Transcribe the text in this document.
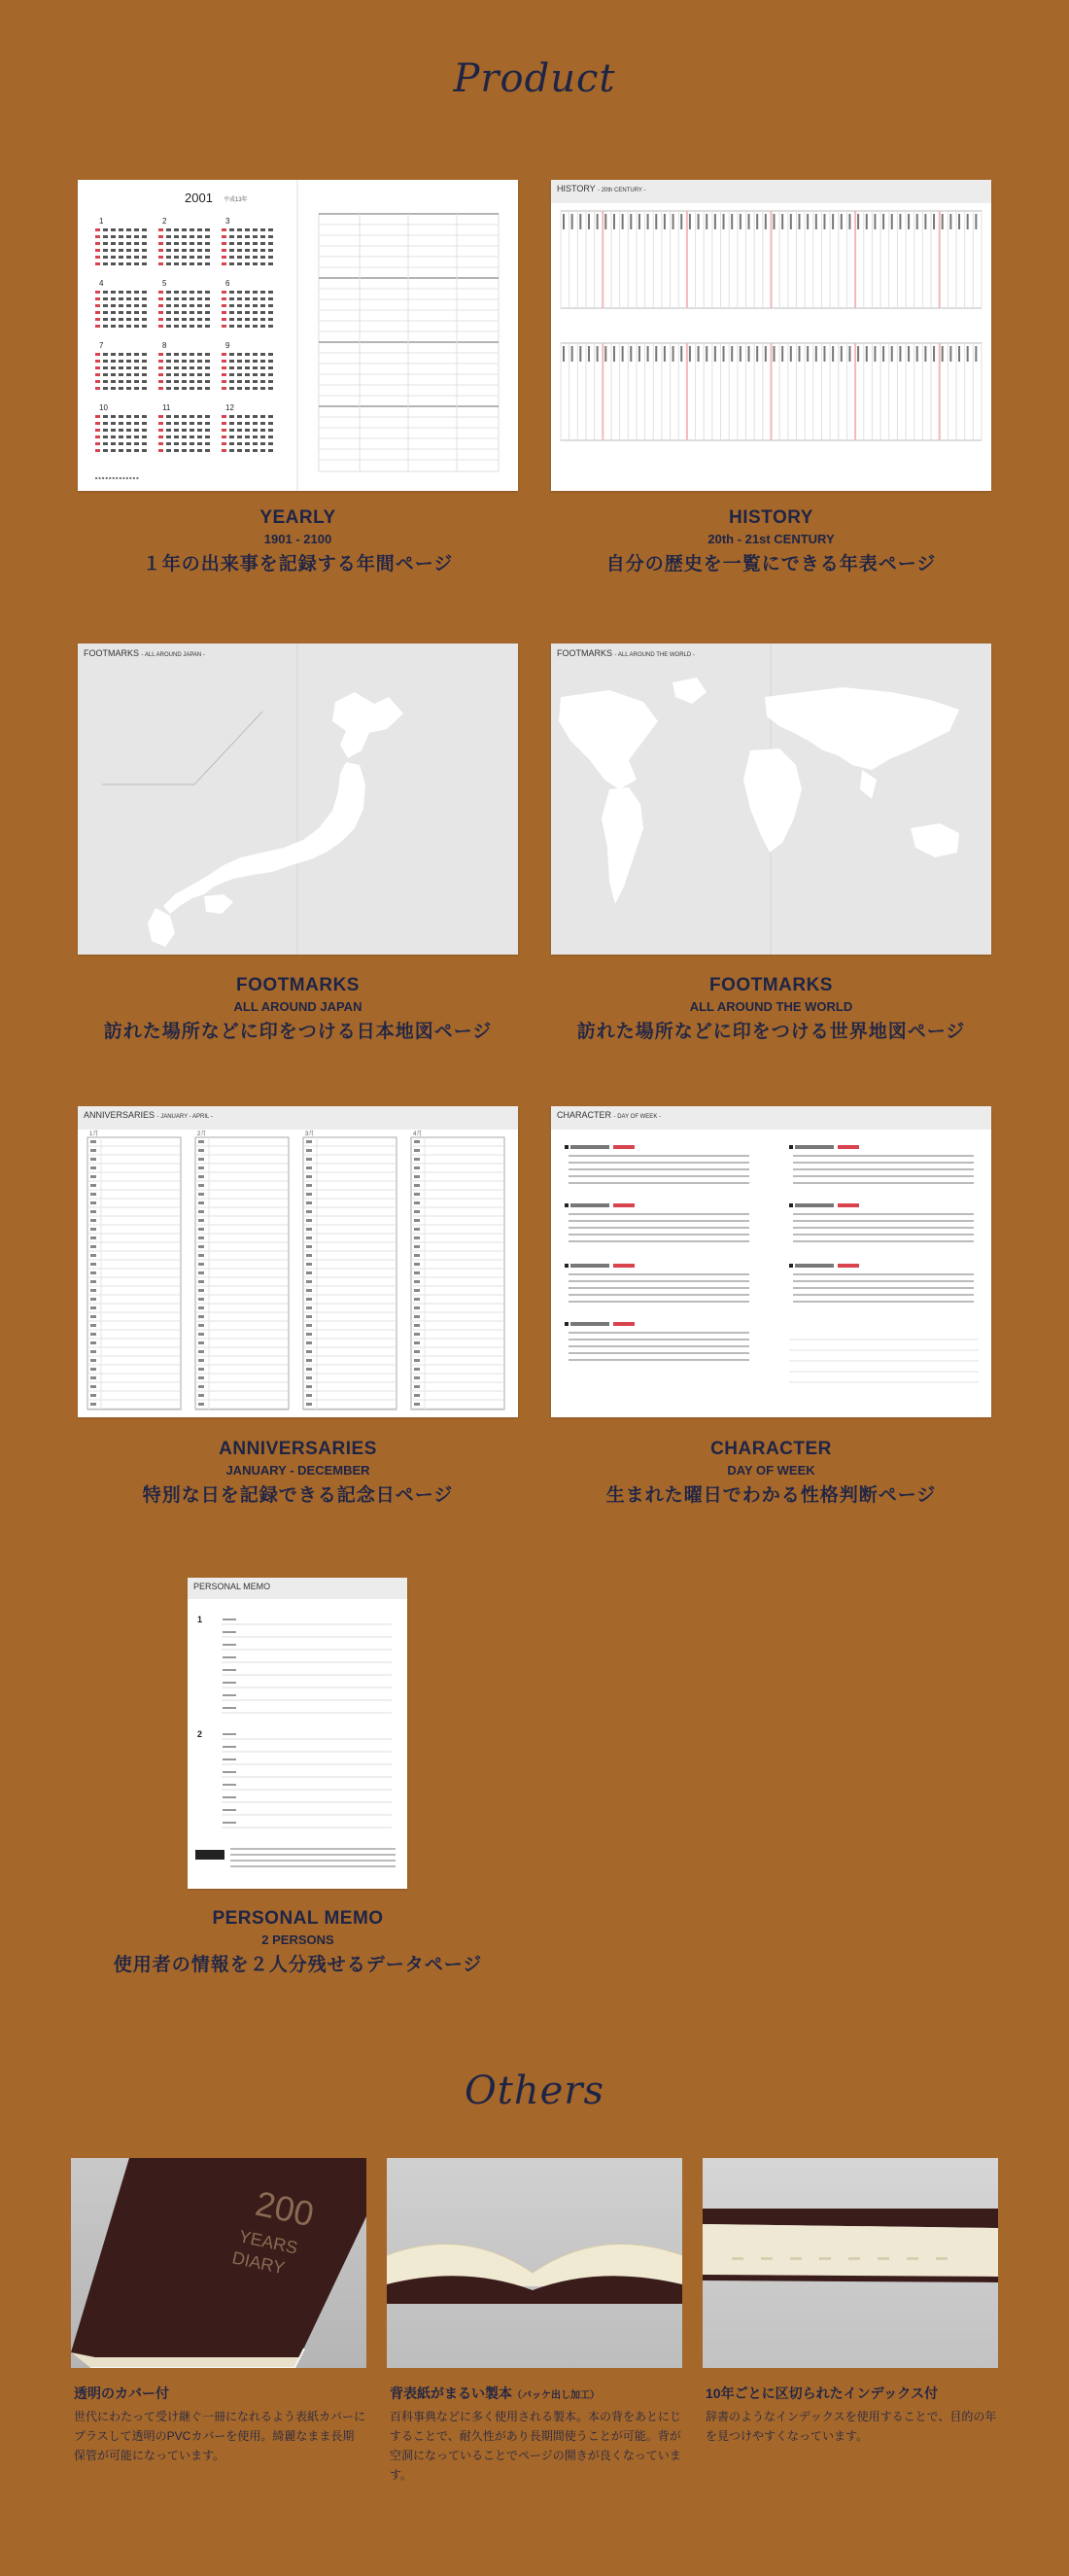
Product
2001 平成13年
1	2	3
4	5	6
7	8	9
10	11	12
■ ■ ■ ■ ■ ■ ■ ■ ■ ■ ■ ■ ■
YEARLY
1901 - 2100
１年の出来事を記録する年間ページ
HISTORY - 20th CENTURY -
HISTORY
20th - 21st CENTURY
自分の歴史を一覧にできる年表ページ
FOOTMARKS - ALL AROUND JAPAN -
FOOTMARKS
ALL AROUND JAPAN
訪れた場所などに印をつける日本地図ページ
FOOTMARKS - ALL AROUND THE WORLD -
FOOTMARKS
ALL AROUND THE WORLD
訪れた場所などに印をつける世界地図ページ
ANNIVERSARIES - JANUARY - APRIL -
1月	2月	3月	4月
ANNIVERSARIES
JANUARY - DECEMBER
特別な日を記録できる記念日ページ
CHARACTER - DAY OF WEEK -
CHARACTER
DAY OF WEEK
生まれた曜日でわかる性格判断ページ
PERSONAL MEMO
1
2
PERSONAL MEMO
2 PERSONS
使用者の情報を２人分残せるデータページ
Others
200
YEARS
DIARY
透明のカバー付
世代にわたって受け継ぐ一冊になれるよう表紙カバーにプラスして透明のPVCカバーを使用。綺麗なまま長期保管が可能になっています。
背表紙がまるい製本（バッケ出し加工）
百科事典などに多く使用される製本。本の背をあとにじすることで、耐久性があり長期間使うことが可能。背が空洞になっていることでページの開きが良くなっています。
10年ごとに区切られたインデックス付
辞書のようなインデックスを使用することで、目的の年を見つけやすくなっています。
